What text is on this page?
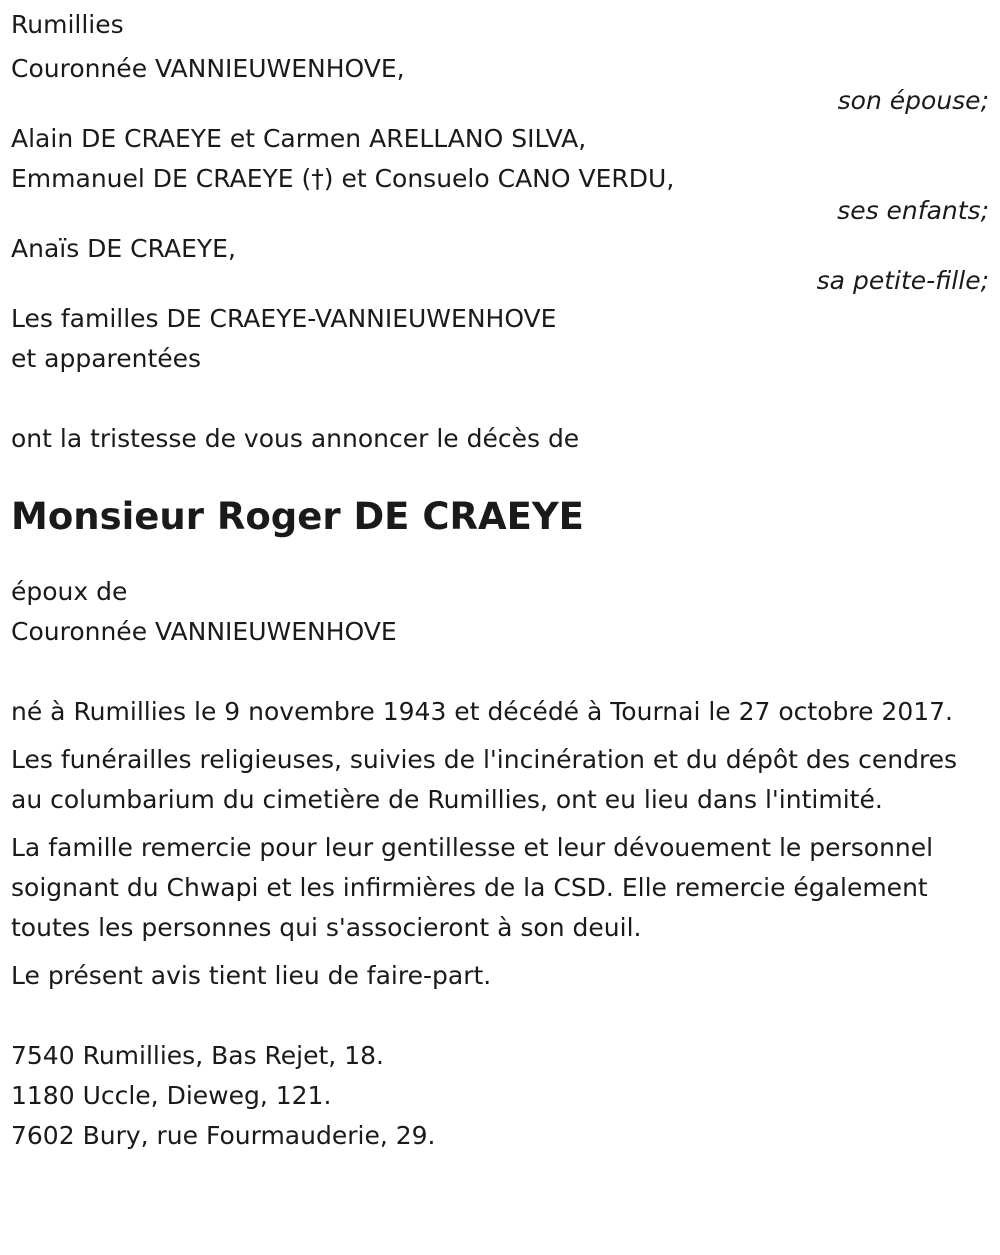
Rumillies
Couronnée VANNIEUWENHOVE,
son épouse;
Alain DE CRAEYE et Carmen ARELLANO SILVA,
Emmanuel DE CRAEYE (†) et Consuelo CANO VERDU,
ses enfants;
Anaïs DE CRAEYE,
sa petite-fille;
Les familles DE CRAEYE-VANNIEUWENHOVE
et apparentées
ont la tristesse de vous annoncer le décès de
Monsieur Roger DE CRAEYE
époux de
Couronnée VANNIEUWENHOVE
né à Rumillies le 9 novembre 1943 et décédé à Tournai le 27 octobre 2017.
Les funérailles religieuses, suivies de l'incinération et du dépôt des cendres au columbarium du cimetière de Rumillies, ont eu lieu dans l'intimité.
La famille remercie pour leur gentillesse et leur dévouement le personnel soignant du Chwapi et les infirmières de la CSD. Elle remercie également toutes les personnes qui s'associeront à son deuil.
Le présent avis tient lieu de faire-part.
7540 Rumillies, Bas Rejet, 18.
1180 Uccle, Dieweg, 121.
7602 Bury, rue Fourmauderie, 29.
